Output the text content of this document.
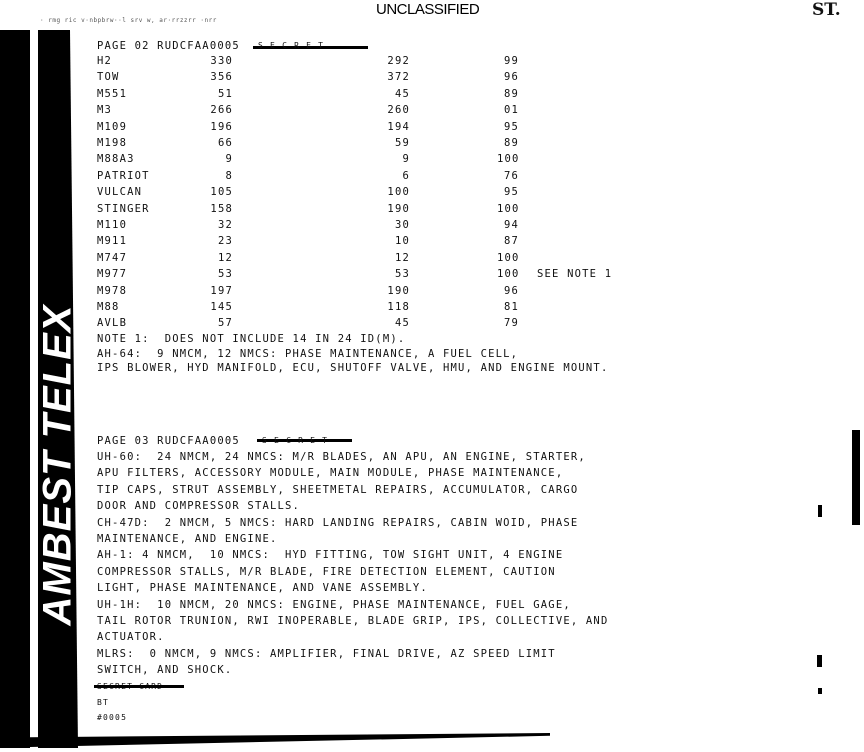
UNCLASSIFIED	ST.
· rmg ric v·nbpbrw··l srv w, ar·rrzzrr ·nrr
AMBEST TELEX
PAGE 02 RUDCFAA0005 S E C R E T
H2	330	292	99
TOW	356	372	96
M551	51	45	89
M3	266	260	01
M109	196	194	95
M198	66	59	89
M88A3	9	9	100
PATRIOT	8	6	76
VULCAN	105	100	95
STINGER	158	190	100
M110	32	30	94
M911	23	10	87
M747	12	12	100
M977	53	53	100 SEE NOTE 1
M978	197	190	96
M88	145	118	81
AVLB	57	45	79
NOTE 1:  DOES NOT INCLUDE 14 IN 24 ID(M).
AH-64:  9 NMCM, 12 NMCS: PHASE MAINTENANCE, A FUEL CELL,
IPS BLOWER, HYD MANIFOLD, ECU, SHUTOFF VALVE, HMU, AND ENGINE MOUNT.
PAGE 03 RUDCFAA0005	S E C R E T
UH-60:  24 NMCM, 24 NMCS: M/R BLADES, AN APU, AN ENGINE, STARTER,
APU FILTERS, ACCESSORY MODULE, MAIN MODULE, PHASE MAINTENANCE,
TIP CAPS, STRUT ASSEMBLY, SHEETMETAL REPAIRS, ACCUMULATOR, CARGO
DOOR AND COMPRESSOR STALLS.
CH-47D:  2 NMCM, 5 NMCS: HARD LANDING REPAIRS, CABIN WOID, PHASE
MAINTENANCE, AND ENGINE.
AH-1: 4 NMCM,  10 NMCS:  HYD FITTING, TOW SIGHT UNIT, 4 ENGINE
COMPRESSOR STALLS, M/R BLADE, FIRE DETECTION ELEMENT, CAUTION
LIGHT, PHASE MAINTENANCE, AND VANE ASSEMBLY.
UH-1H:  10 NMCM, 20 NMCS: ENGINE, PHASE MAINTENANCE, FUEL GAGE,
TAIL ROTOR TRUNION, RWI INOPERABLE, BLADE GRIP, IPS, COLLECTIVE, AND
ACTUATOR.
MLRS:  0 NMCM, 9 NMCS: AMPLIFIER, FINAL DRIVE, AZ SPEED LIMIT
SWITCH, AND SHOCK.
BT
#0005
